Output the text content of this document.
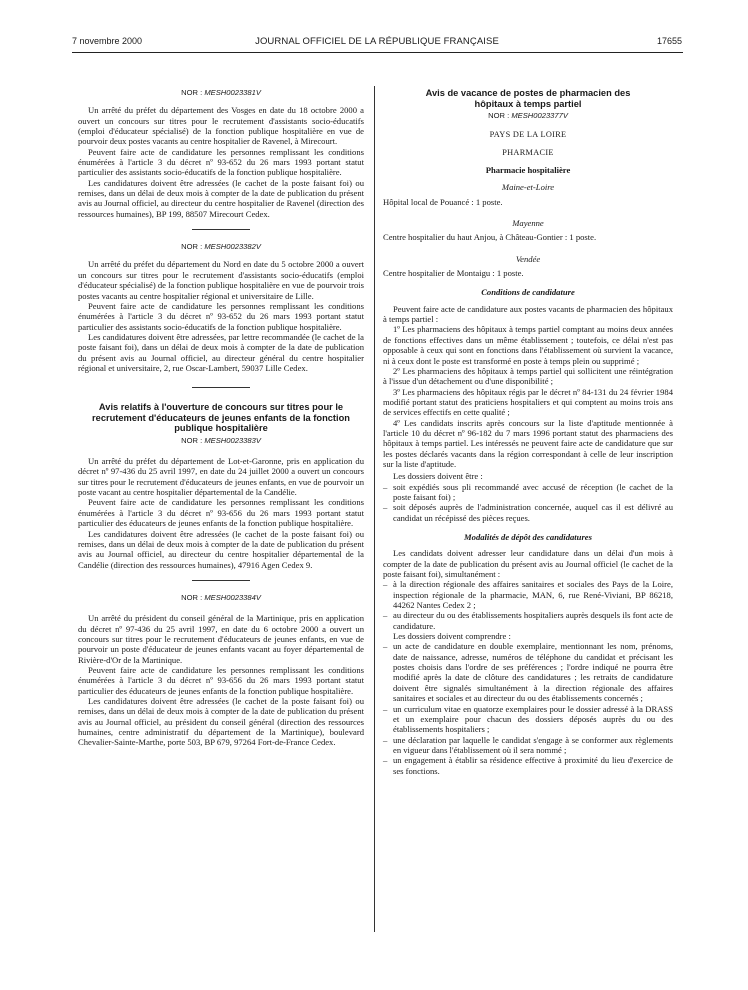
7 novembre 2000	JOURNAL OFFICIEL DE LA RÉPUBLIQUE FRANÇAISE	17655
NOR : MESH0023381V

Un arrêté du préfet du département des Vosges en date du 18 octobre 2000 a ouvert un concours sur titres pour le recrutement d'assistants socio-éducatifs (emploi d'éducateur spécialisé) de la fonction publique hospitalière en vue de pourvoir deux postes vacants au centre hospitalier de Ravenel, à Mirecourt.

Peuvent faire acte de candidature les personnes remplissant les conditions énumérées à l'article 3 du décret nº 93-652 du 26 mars 1993 portant statut particulier des assistants socio-éducatifs de la fonction publique hospitalière.

Les candidatures doivent être adressées (le cachet de la poste faisant foi) ou remises, dans un délai de deux mois à compter de la date de publication du présent avis au Journal officiel, au directeur du centre hospitalier de Ravenel (direction des ressources humaines), BP 199, 88507 Mirecourt Cedex.

NOR : MESH0023382V

Un arrêté du préfet du département du Nord en date du 5 octobre 2000 a ouvert un concours sur titres pour le recrutement d'assistants socio-éducatifs (emploi d'éducateur spécialisé) de la fonction publique hospitalière en vue de pourvoir trois postes vacants au centre hospitalier régional et universitaire de Lille.

Peuvent faire acte de candidature les personnes remplissant les conditions énumérées à l'article 3 du décret nº 93-652 du 26 mars 1993 portant statut particulier des assistants socio-éducatifs de la fonction publique hospitalière.

Les candidatures doivent être adressées, par lettre recommandée (le cachet de la poste faisant foi), dans un délai de deux mois à compter de la date de publication du présent avis au Journal officiel, au directeur général du centre hospitalier régional et universitaire, 2, rue Oscar-Lambert, 59037 Lille Cedex.

Avis relatifs à l'ouverture de concours sur titres pour le recrutement d'éducateurs de jeunes enfants de la fonction publique hospitalière
NOR : MESH0023383V

Un arrêté du préfet du département de Lot-et-Garonne, pris en application du décret nº 97-436 du 25 avril 1997, en date du 24 juillet 2000 a ouvert un concours sur titres pour le recrutement d'éducateurs de jeunes enfants, en vue de pourvoir un poste vacant au centre hospitalier départemental de la Candélie.

Peuvent faire acte de candidature les personnes remplissant les conditions énumérées à l'article 3 du décret nº 93-656 du 26 mars 1993 portant statut particulier des éducateurs de jeunes enfants de la fonction publique hospitalière.

Les candidatures doivent être adressées (le cachet de la poste faisant foi) ou remises, dans un délai de deux mois à compter de la date de publication du présent avis au Journal officiel, au directeur du centre hospitalier départemental de la Candélie (direction des ressources humaines), 47916 Agen Cedex 9.

NOR : MESH0023384V

Un arrêté du président du conseil général de la Martinique, pris en application du décret nº 97-436 du 25 avril 1997, en date du 6 octobre 2000 a ouvert un concours sur titres pour le recrutement d'éducateurs de jeunes enfants, en vue de pourvoir un poste d'éducateur de jeunes enfants vacant au foyer départemental de Rivière-d'Or de la Martinique.

Peuvent faire acte de candidature les personnes remplissant les conditions énumérées à l'article 3 du décret nº 93-656 du 26 mars 1993 portant statut particulier des éducateurs de jeunes enfants de la fonction publique hospitalière.

Les candidatures doivent être adressées (le cachet de la poste faisant foi) ou remises, dans un délai de deux mois à compter de la date de publication du présent avis au Journal officiel, au président du conseil général (direction des ressources humaines, centre administratif du département de la Martinique), boulevard Chevalier-Sainte-Marthe, porte 503, BP 679, 97264 Fort-de-France Cedex.

Avis de vacance de postes de pharmacien des hôpitaux à temps partiel
NOR : MESH0023377V
PAYS DE LA LOIRE
PHARMACIE
Pharmacie hospitalière
Maine-et-Loire

Hôpital local de Pouancé : 1 poste.

Mayenne

Centre hospitalier du haut Anjou, à Château-Gontier : 1 poste.

Vendée

Centre hospitalier de Montaigu : 1 poste.

Conditions de candidature

Peuvent faire acte de candidature aux postes vacants de pharmacien des hôpitaux à temps partiel :

1º Les pharmaciens des hôpitaux à temps partiel comptant au moins deux années de fonctions effectives dans un même établissement ; toutefois, ce délai n'est pas opposable à ceux qui sont en fonctions dans l'établissement où survient la vacance, ni à ceux dont le poste est transformé en poste à temps plein ou supprimé ;

2º Les pharmaciens des hôpitaux à temps partiel qui sollicitent une réintégration à l'issue d'un détachement ou d'une disponibilité ;

3º Les pharmaciens des hôpitaux régis par le décret nº 84-131 du 24 février 1984 modifié portant statut des praticiens hospitaliers et qui comptent au moins trois ans de services effectifs en cette qualité ;

4º Les candidats inscrits après concours sur la liste d'aptitude mentionnée à l'article 10 du décret nº 96-182 du 7 mars 1996 portant statut des pharmaciens des hôpitaux à temps partiel. Les intéressés ne peuvent faire acte de candidature que sur les postes déclarés vacants dans la région correspondant à celle de leur inscription sur la liste d'aptitude.

Les dossiers doivent être :

– soit expédiés sous pli recommandé avec accusé de réception (le cachet de la poste faisant foi) ;
– soit déposés auprès de l'administration concernée, auquel cas il est délivré au candidat un récépissé des pièces reçues.
Modalités de dépôt des candidatures

Les candidats doivent adresser leur candidature dans un délai d'un mois à compter de la date de publication du présent avis au Journal officiel (le cachet de la poste faisant foi), simultanément :

– à la direction régionale des affaires sanitaires et sociales des Pays de la Loire, inspection régionale de la pharmacie, MAN, 6, rue René-Viviani, BP 86218, 44262 Nantes Cedex 2 ;
– au directeur du ou des établissements hospitaliers auprès desquels ils font acte de candidature.

Les dossiers doivent comprendre :

– un acte de candidature en double exemplaire, mentionnant les nom, prénoms, date de naissance, adresse, numéros de téléphone du candidat et précisant les postes choisis dans l'ordre de ses préférences ; l'ordre indiqué ne pourra être modifié après la date de clôture des candidatures ; les retraits de candidature doivent être signalés simultanément à la direction régionale des affaires sanitaires et sociales et au directeur du ou des établissements concernés ;
– un curriculum vitae en quatorze exemplaires pour le dossier adressé à la DRASS et un exemplaire pour chacun des dossiers déposés auprès du ou des établissements hospitaliers ;
– une déclaration par laquelle le candidat s'engage à se conformer aux règlements en vigueur dans l'établissement où il sera nommé ;
– un engagement à établir sa résidence effective à proximité du lieu d'exercice de ses fonctions.
